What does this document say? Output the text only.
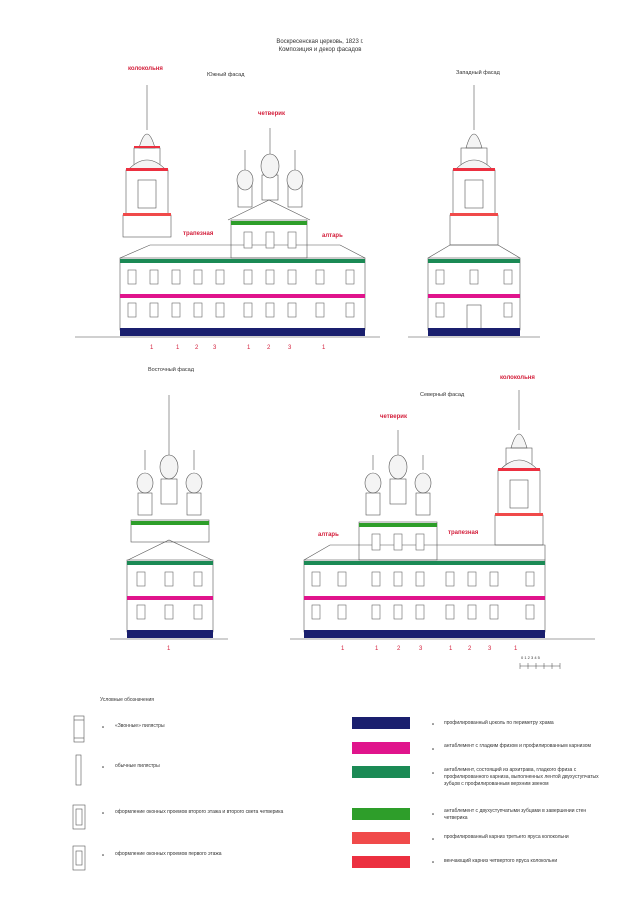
Воскресенская церковь, 1823 г.
Композиция и декор фасадов
Южный фасад
колокольня
четверик
трапезная	алтарь
1	1	2 3	1	2	3	1
Западный фасад
Восточный фасад
1
Северный фасад
колокольня
четверик
трапезная
алтарь
1	1	2	3	1	2	3	1
0 1 2 3 4 5
Условные обозначения
«Звонные» пилястры
обычные пилястры
оформление оконных проемов второго этажа и второго света четверика
оформление оконных проемов первого этажа
профилированный цоколь по периметру храма
антаблемент с гладким фризом и профилированным карнизом
антаблемент, состоящий из архитрава, гладкого фриза с профилированного карниза, выполненных лентой двухуступчатых зубцов с профилированным верхним звеном
антаблемент с двухуступчатыми зубцами в завершении стен четверика
профилированный карниз третьего яруса колокольни
венчающий карниз четвертого яруса колокольни
